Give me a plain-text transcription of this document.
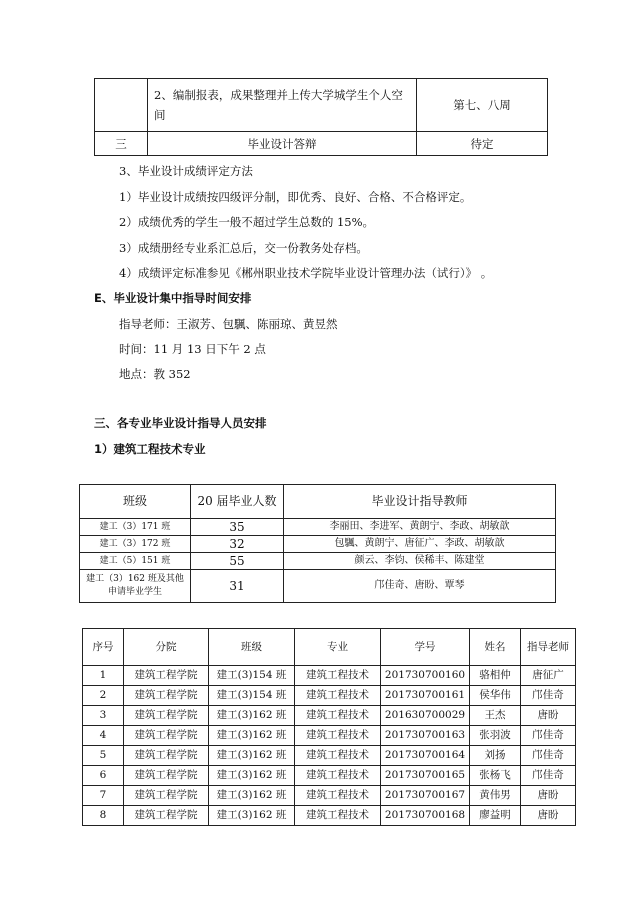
	2、编制报表，成果整理并上传大学城学生个人空间	第七、八周
三	毕业设计答辩	待定
3、毕业设计成绩评定方法
1）毕业设计成绩按四级评分制，即优秀、良好、合格、不合格评定。
2）成绩优秀的学生一般不超过学生总数的 15%。
3）成绩册经专业系汇总后，交一份教务处存档。
4）成绩评定标准参见《郴州职业技术学院毕业设计管理办法（试行）》 。
E、毕业设计集中指导时间安排
指导老师：王淑芳、包颿、陈丽琼、黄昱然
时间：11 月 13 日下午 2 点
地点：教 352
三、各专业毕业设计指导人员安排
1）建筑工程技术专业
班级	20 届毕业人数	毕业设计指导教师
建工（3）171 班	35	李丽田、李进军、黄朗宁、李政、胡敏歆
建工（3）172 班	32	包颿、黄朗宁、唐征广、李政、胡敏歆
建工（5）151 班	55	颜云、李钧、侯稀丰、陈建堂
建工（3）162 班及其他申请毕业学生	31	邝佳奇、唐盼、覃琴
序号	分院	班级	专业	学号	姓名	指导老师
1	建筑工程学院	建工(3)154 班	建筑工程技术	201730700160	骆相仲	唐征广
2	建筑工程学院	建工(3)154 班	建筑工程技术	201730700161	侯华伟	邝佳奇
3	建筑工程学院	建工(3)162 班	建筑工程技术	201630700029	王杰	唐盼
4	建筑工程学院	建工(3)162 班	建筑工程技术	201730700163	张羽波	邝佳奇
5	建筑工程学院	建工(3)162 班	建筑工程技术	201730700164	刘扬	邝佳奇
6	建筑工程学院	建工(3)162 班	建筑工程技术	201730700165	张杨飞	邝佳奇
7	建筑工程学院	建工(3)162 班	建筑工程技术	201730700167	黄伟男	唐盼
8	建筑工程学院	建工(3)162 班	建筑工程技术	201730700168	廖益明	唐盼
